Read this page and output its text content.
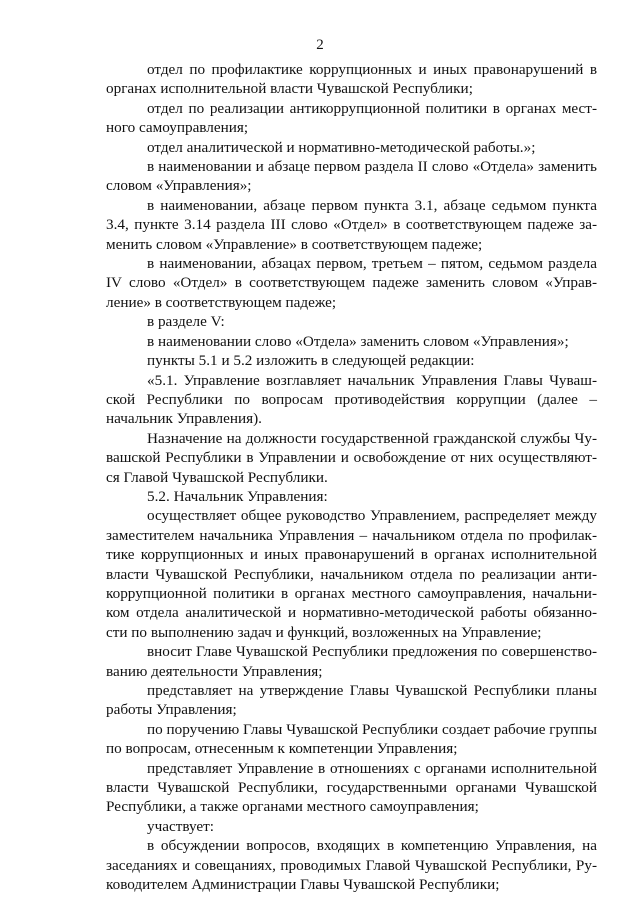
2

отдел по профилактике коррупционных и иных правонарушений в органах исполнительной власти Чувашской Республики;

отдел по реализации антикоррупционной политики в органах местного самоуправления;

отдел аналитической и нормативно-методической работы.»;

в наименовании и абзаце первом раздела II слово «Отдела» заменить словом «Управления»;

в наименовании, абзаце первом пункта 3.1, абзаце седьмом пункта 3.4, пункте 3.14 раздела III слово «Отдел» в соответствующем падеже заменить словом «Управление» в соответствующем падеже;

в наименовании, абзацах первом, третьем – пятом, седьмом раздела IV слово «Отдел» в соответствующем падеже заменить словом «Управление» в соответствующем падеже;

в разделе V:

в наименовании слово «Отдела» заменить словом «Управления»;

пункты 5.1 и 5.2 изложить в следующей редакции:

«5.1. Управление возглавляет начальник Управления Главы Чувашской Республики по вопросам противодействия коррупции (далее – начальник Управления).

Назначение на должности государственной гражданской службы Чувашской Республики в Управлении и освобождение от них осуществляются Главой Чувашской Республики.

5.2. Начальник Управления:

осуществляет общее руководство Управлением, распределяет между заместителем начальника Управления – начальником отдела по профилактике коррупционных и иных правонарушений в органах исполнительной власти Чувашской Республики, начальником отдела по реализации антикоррупционной политики в органах местного самоуправления, начальником отдела аналитической и нормативно-методической работы обязанности по выполнению задач и функций, возложенных на Управление;

вносит Главе Чувашской Республики предложения по совершенствованию деятельности Управления;

представляет на утверждение Главы Чувашской Республики планы работы Управления;

по поручению Главы Чувашской Республики создает рабочие группы по вопросам, отнесенным к компетенции Управления;

представляет Управление в отношениях с органами исполнительной власти Чувашской Республики, государственными органами Чувашской Республики, а также органами местного самоуправления;

участвует:

в обсуждении вопросов, входящих в компетенцию Управления, на заседаниях и совещаниях, проводимых Главой Чувашской Республики, Руководителем Администрации Главы Чувашской Республики;
